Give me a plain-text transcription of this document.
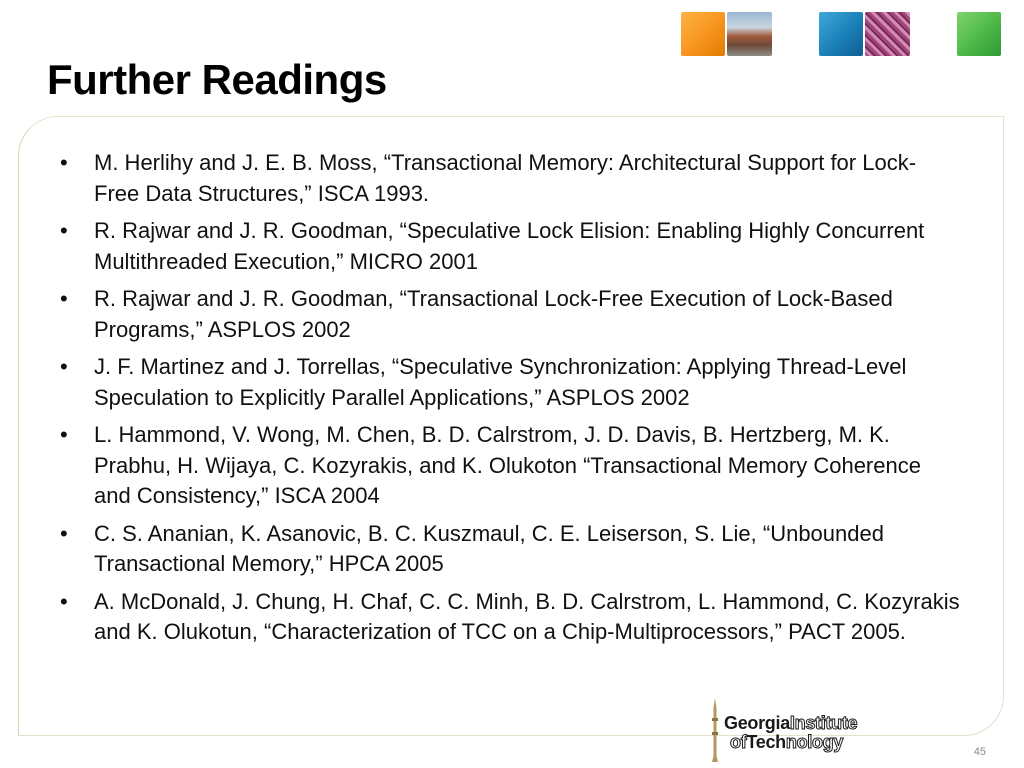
Further Readings
• M. Herlihy and J. E. B. Moss, “Transactional Memory: Architectural Support for Lock-Free Data Structures,” ISCA 1993.
• R. Rajwar and J. R. Goodman, “Speculative Lock Elision: Enabling Highly Concurrent Multithreaded Execution,” MICRO 2001
• R. Rajwar and J. R. Goodman, “Transactional Lock-Free Execution of Lock-Based Programs,” ASPLOS 2002
• J. F. Martinez and J. Torrellas, “Speculative Synchronization: Applying Thread-Level Speculation to Explicitly Parallel Applications,” ASPLOS 2002
• L. Hammond, V. Wong, M. Chen, B. D. Calrstrom, J. D. Davis, B. Hertzberg, M. K. Prabhu, H. Wijaya, C. Kozyrakis, and K. Olukoton “Transactional Memory Coherence and Consistency,” ISCA 2004
• C. S. Ananian, K. Asanovic, B. C. Kuszmaul, C. E. Leiserson, S. Lie, “Unbounded Transactional Memory,” HPCA 2005
• A. McDonald, J. Chung, H. Chaf, C. C. Minh, B. D. Calrstrom, L. Hammond, C. Kozyrakis and K. Olukotun, “Characterization of TCC on a Chip-Multiprocessors,” PACT 2005.
GeorgiaInstitute
ofTechnology	45
